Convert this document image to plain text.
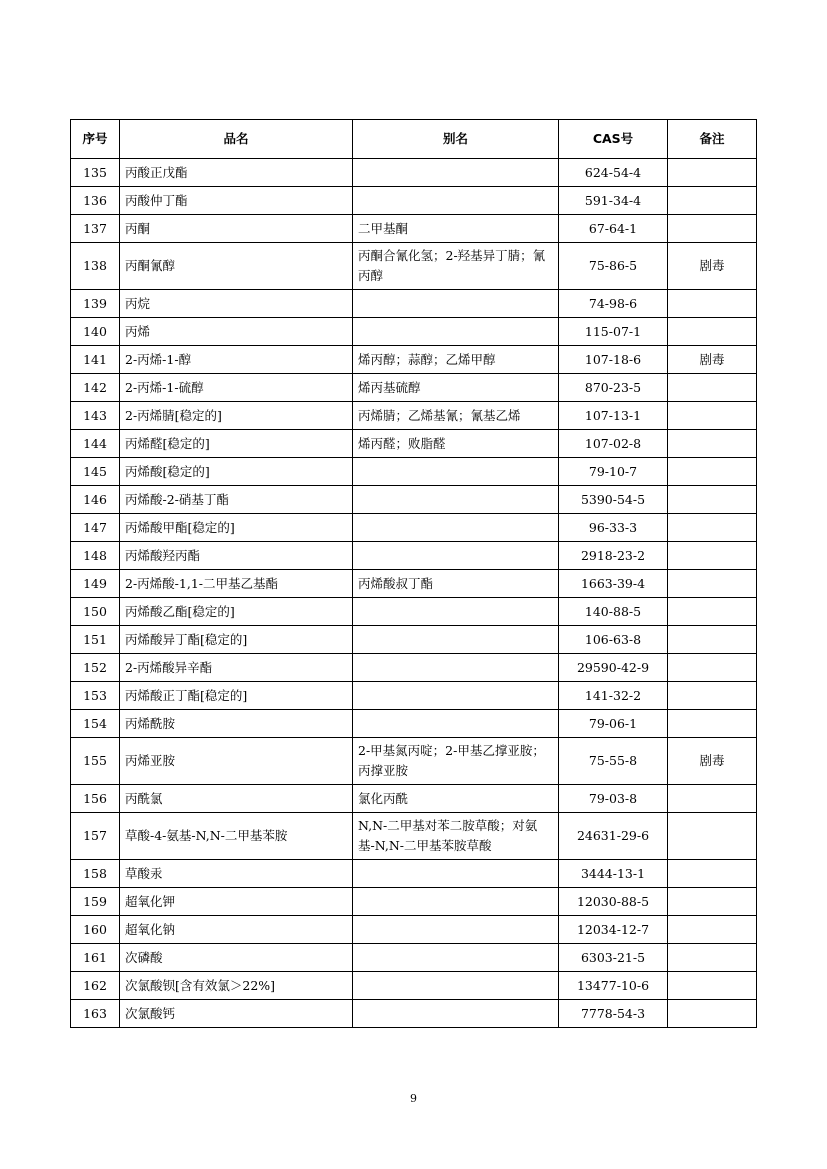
序号	品名	别名	CAS号	备注
135	丙酸正戊酯		624-54-4	
136	丙酸仲丁酯		591-34-4	
137	丙酮	二甲基酮	67-64-1	
138	丙酮氰醇	丙酮合氰化氢；2-羟基异丁腈；氰丙醇	75-86-5	剧毒
139	丙烷		74-98-6	
140	丙烯		115-07-1	
141	2-丙烯-1-醇	烯丙醇；蒜醇；乙烯甲醇	107-18-6	剧毒
142	2-丙烯-1-硫醇	烯丙基硫醇	870-23-5	
143	2-丙烯腈[稳定的]	丙烯腈；乙烯基氰；氰基乙烯	107-13-1	
144	丙烯醛[稳定的]	烯丙醛；败脂醛	107-02-8	
145	丙烯酸[稳定的]		79-10-7	
146	丙烯酸-2-硝基丁酯		5390-54-5	
147	丙烯酸甲酯[稳定的]		96-33-3	
148	丙烯酸羟丙酯		2918-23-2	
149	2-丙烯酸-1,1-二甲基乙基酯	丙烯酸叔丁酯	1663-39-4	
150	丙烯酸乙酯[稳定的]		140-88-5	
151	丙烯酸异丁酯[稳定的]		106-63-8	
152	2-丙烯酸异辛酯		29590-42-9	
153	丙烯酸正丁酯[稳定的]		141-32-2	
154	丙烯酰胺		79-06-1	
155	丙烯亚胺	2-甲基氮丙啶；2-甲基乙撑亚胺；丙撑亚胺	75-55-8	剧毒
156	丙酰氯	氯化丙酰	79-03-8	
157	草酸-4-氨基-N,N-二甲基苯胺	N,N-二甲基对苯二胺草酸；对氨基-N,N-二甲基苯胺草酸	24631-29-6	
158	草酸汞		3444-13-1	
159	超氧化钾		12030-88-5	
160	超氧化钠		12034-12-7	
161	次磷酸		6303-21-5	
162	次氯酸钡[含有效氯＞22%]		13477-10-6	
163	次氯酸钙		7778-54-3	
9
